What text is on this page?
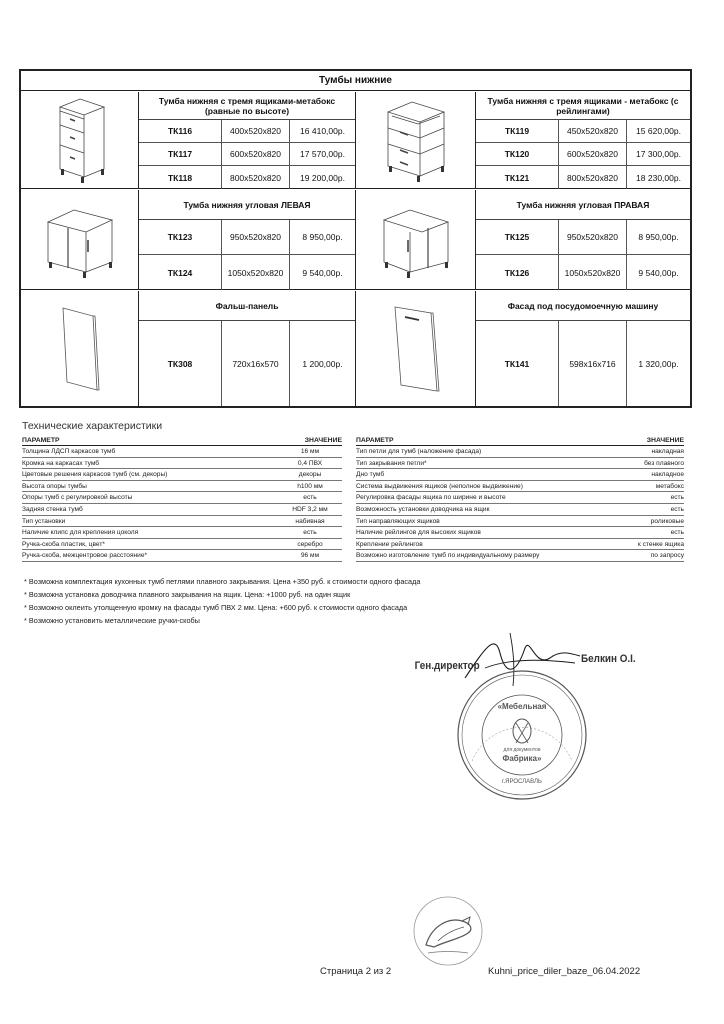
Тумбы нижние
Тумба нижняя с тремя ящиками-метабокс (равные по высоте)
ТК116	400х520х820	16 410,00р.
ТК117	600х520х820	17 570,00р.
ТК118	800х520х820	19 200,00р.
Тумба нижняя с тремя ящиками - метабокс (с рейлингами)
ТК119	450х520х820	15 620,00р.
ТК120	600х520х820	17 300,00р.
ТК121	800х520х820	18 230,00р.
Тумба нижняя угловая ЛЕВАЯ
ТК123	950х520х820	8 950,00р.
ТК124	1050х520х820	9 540,00р.
Тумба нижняя угловая ПРАВАЯ
ТК125	950х520х820	8 950,00р.
ТК126	1050х520х820	9 540,00р.
Фальш-панель
ТК308	720х16х570	1 200,00р.
Фасад под посудомоечную машину
ТК141	598х16х716	1 320,00р.
Технические характеристики
ПАРАМЕТР	ЗНАЧЕНИЕ
Толщина ЛДСП каркасов тумб	16 мм
Кромка на каркасах тумб	0,4 ПВХ
Цветовые решения каркасов тумб (см. декоры)	декоры
Высота опоры тумбы	h100 мм
Опоры тумб с регулировкой высоты	есть
Задняя стенка тумб	HDF 3,2 мм
Тип установки	набивная
Наличие клипс для крепления цоколя	есть
Ручка-скоба пластик, цвет*	серебро
Ручка-скоба, межцентровое расстояние*	96 мм
ПАРАМЕТР	ЗНАЧЕНИЕ
Тип петли для тумб (наложение фасада)	накладная
Тип закрывания петли*	без плавного
Дно тумб	накладное
Система выдвижения ящиков (неполное выдвижение)	метабокс
Регулировка фасады ящика по ширине и высоте	есть
Возможность установки доводчика на ящик	есть
Тип направляющих ящиков	роликовые
Наличие рейлингов для высоких ящиков	есть
Крепление рейлингов	к стенке ящика
Возможно изготовление тумб по индивидуальному размеру	по запросу
* Возможна комплектация кухонных тумб петлями плавного закрывания. Цена +350 руб. к стоимости одного фасада
* Возможна установка доводчика плавного закрывания на ящик. Цена: +1000 руб. на один ящик
* Возможно оклеить утолщенную кромку на фасады тумб ПВХ 2 мм. Цена: +600 руб. к стоимости одного фасада
* Возможно установить металлические ручки-скобы
Ген.директор
Белкин О.І.
«Мебельная
Фабрика»
для документов
г.ЯРОСЛАВЛЬ
Страница 2 из 2	Kuhni_price_diler_baze_06.04.2022
